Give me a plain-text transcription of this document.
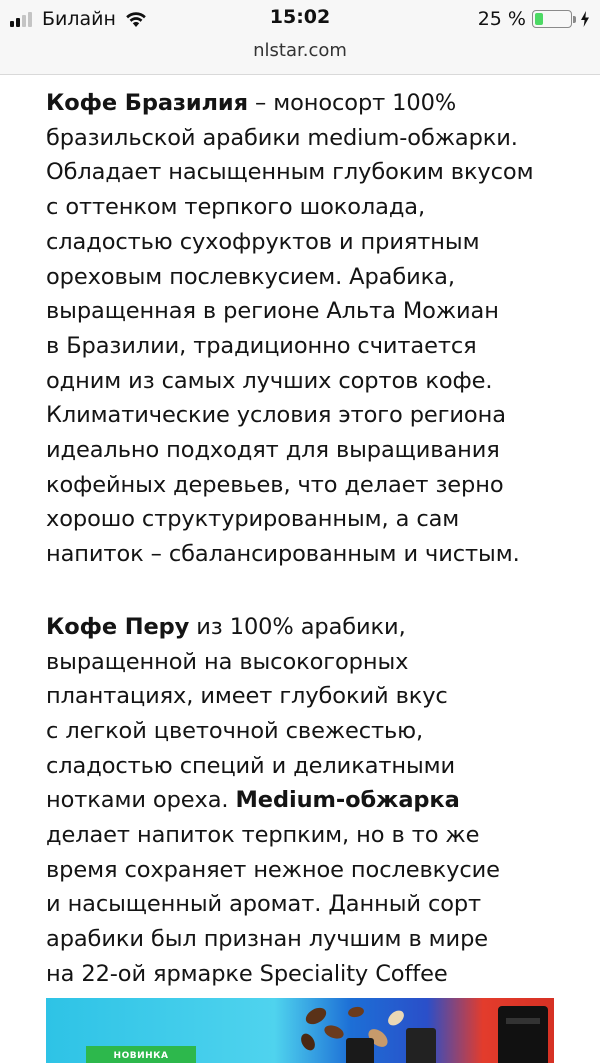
Билайн	15:02	25 %
nlstar.com

Кофе Бразилия – моносорт 100%
бразильской арабики medium-обжарки.
Обладает насыщенным глубоким вкусом
с оттенком терпкого шоколада,
сладостью сухофруктов и приятным
ореховым послевкусием. Арабика,
выращенная в регионе Альта Можиан
в Бразилии, традиционно считается
одним из самых лучших сортов кофе.
Климатические условия этого региона
идеально подходят для выращивания
кофейных деревьев, что делает зерно
хорошо структурированным, а сам
напиток – сбалансированным и чистым.

Кофе Перу из 100% арабики,
выращенной на высокогорных
плантациях, имеет глубокий вкус
с легкой цветочной свежестью,
сладостью специй и деликатными
нотками ореха. Medium-обжарка
делает напиток терпким, но в то же
время сохраняет нежное послевкусие
и насыщенный аромат. Данный сорт
арабики был признан лучшим в мире
на 22-ой ярмарке Speciality Coffee

НОВИНКА
